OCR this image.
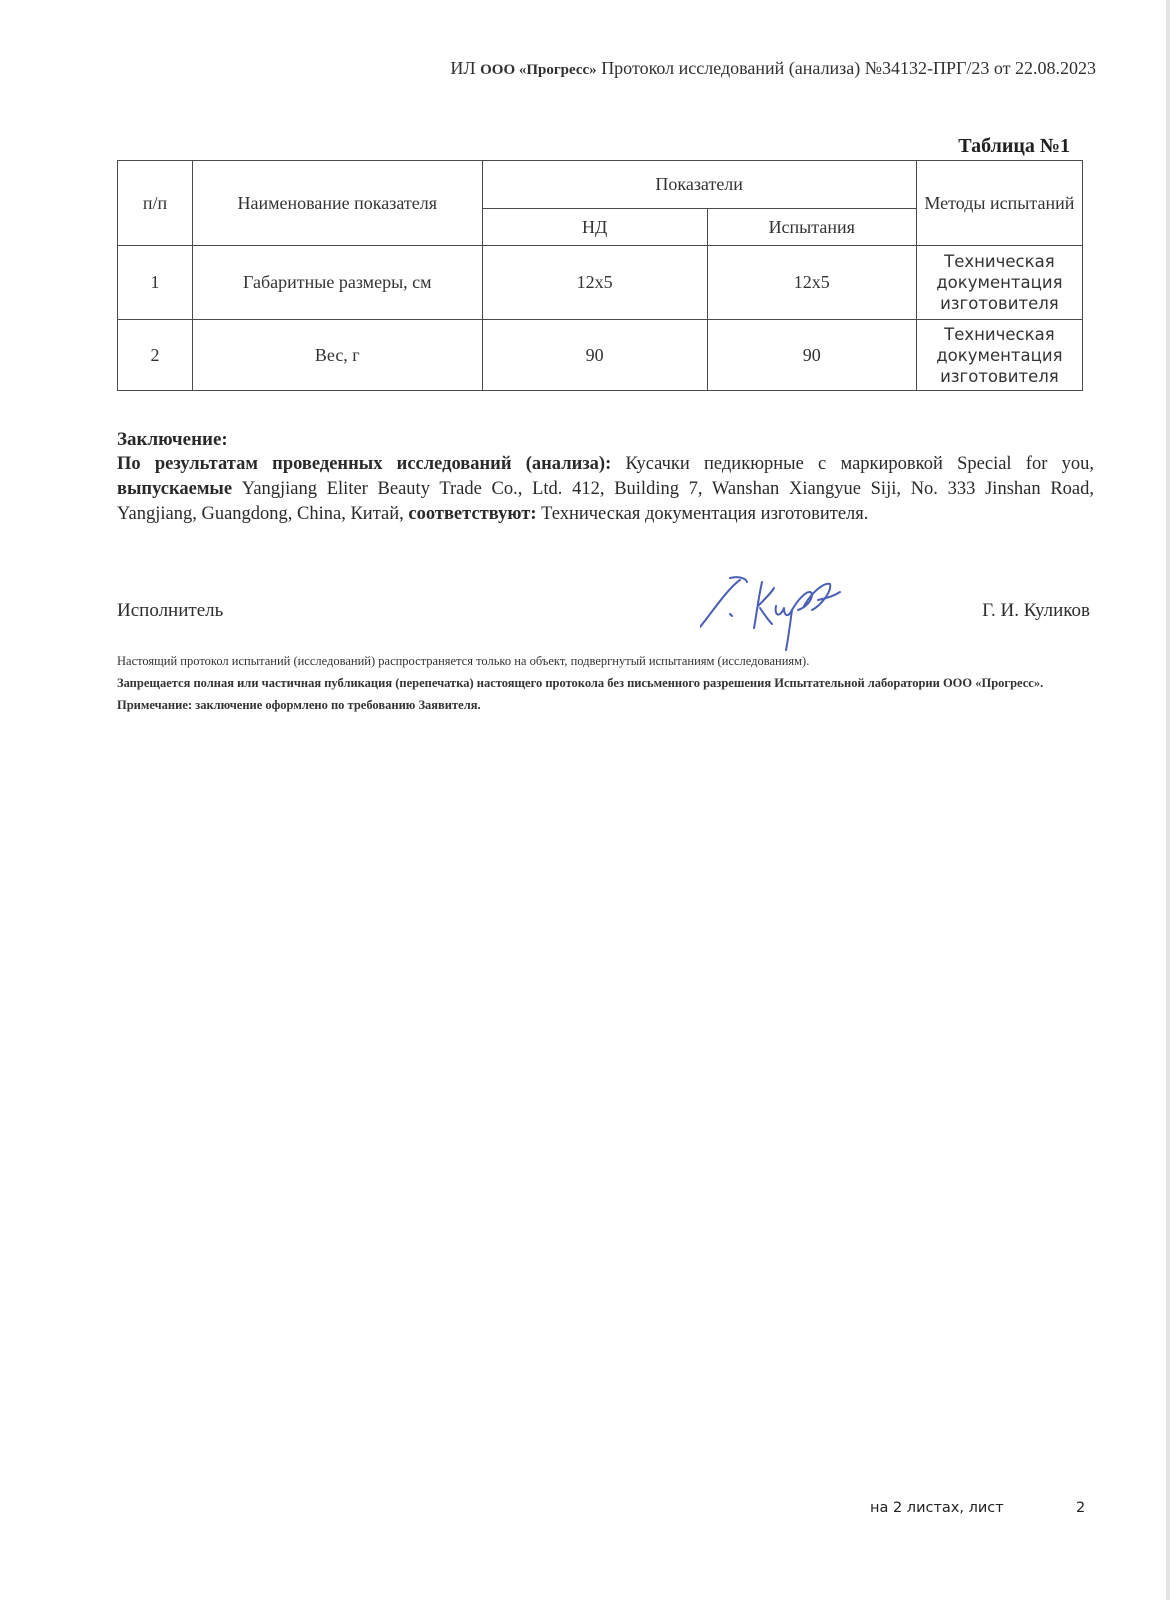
ИЛ ООО «Прогресс» Протокол исследований (анализа) №34132-ПРГ/23 от 22.08.2023
Таблица №1
п/п	Наименование показателя	Показатели		Методы испытаний
		НД	Испытания	
1	Габаритные размеры, см	12х5	12х5	Техническая документация изготовителя
2	Вес, г	90	90	Техническая документация изготовителя
Заключение:
По результатам проведенных исследований (анализа): Кусачки педикюрные с маркировкой Special for you, выпускаемые Yangjiang Eliter Beauty Trade Co., Ltd. 412, Building 7, Wanshan Xiangyue Siji, No. 333 Jinshan Road, Yangjiang, Guangdong, China, Китай, соответствуют: Техническая документация изготовителя.
Исполнитель	Г. И. Куликов
Настоящий протокол испытаний (исследований) распространяется только на объект, подвергнутый испытаниям (исследованиям).
Запрещается полная или частичная публикация (перепечатка) настоящего протокола без письменного разрешения Испытательной лаборатории ООО «Прогресс».
Примечание: заключение оформлено по требованию Заявителя.
на 2 листах, лист	2
